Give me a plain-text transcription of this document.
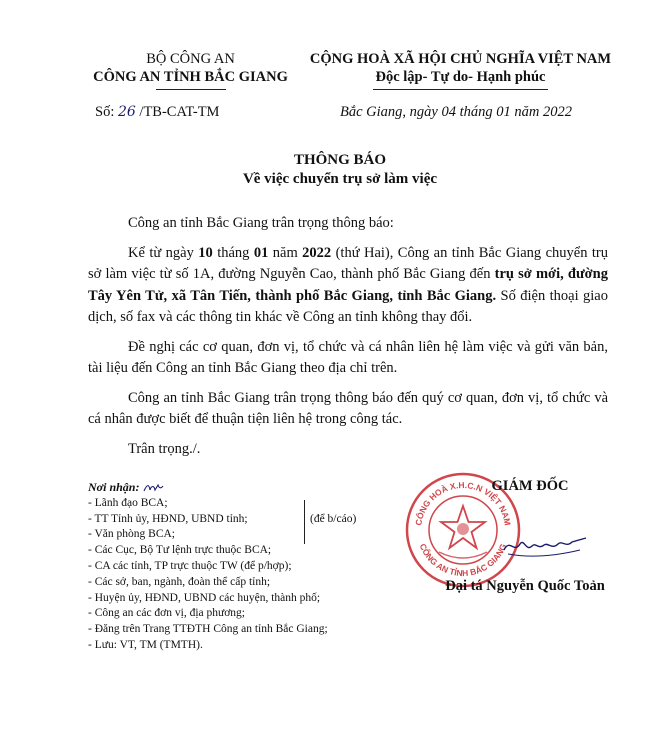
BỘ CÔNG AN
CÔNG AN TỈNH BẮC GIANG
CỘNG HOÀ XÃ HỘI CHỦ NGHĨA VIỆT NAM
Độc lập- Tự do- Hạnh phúc
Số: 26 /TB-CAT-TM	Bắc Giang, ngày 04 tháng 01 năm 2022
THÔNG BÁO
Về việc chuyển trụ sở làm việc

Công an tỉnh Bắc Giang trân trọng thông báo:

Kể từ ngày 10 tháng 01 năm 2022 (thứ Hai), Công an tỉnh Bắc Giang chuyển trụ sở làm việc từ số 1A, đường Nguyễn Cao, thành phố Bắc Giang đến trụ sở mới, đường Tây Yên Tử, xã Tân Tiến, thành phố Bắc Giang, tỉnh Bắc Giang. Số điện thoại giao dịch, số fax và các thông tin khác về Công an tỉnh không thay đổi.

Đề nghị các cơ quan, đơn vị, tổ chức và cá nhân liên hệ làm việc và gửi văn bản, tài liệu đến Công an tỉnh Bắc Giang theo địa chỉ trên.

Công an tỉnh Bắc Giang trân trọng thông báo đến quý cơ quan, đơn vị, tổ chức và cá nhân được biết để thuận tiện liên hệ trong công tác.

Trân trọng./.

Nơi nhận:
- Lãnh đạo BCA;
- TT Tỉnh ủy, HĐND, UBND tỉnh;
- Văn phòng BCA;
- Các Cục, Bộ Tư lệnh trực thuộc BCA;
- CA các tỉnh, TP trực thuộc TW (để p/hợp);
- Các sở, ban, ngành, đoàn thể cấp tỉnh;
- Huyện ủy, HĐND, UBND các huyện, thành phố;
- Công an các đơn vị, địa phương;
- Đăng trên Trang TTĐTH Công an tỉnh Bắc Giang;
- Lưu: VT, TM (TMTH).
(để b/cáo)	CÔNG HOÀ X.H.C.N VIỆT NAM
CÔNG AN TỈNH BẮC GIANG
GIÁM ĐỐC
Đại tá Nguyễn Quốc Toản
